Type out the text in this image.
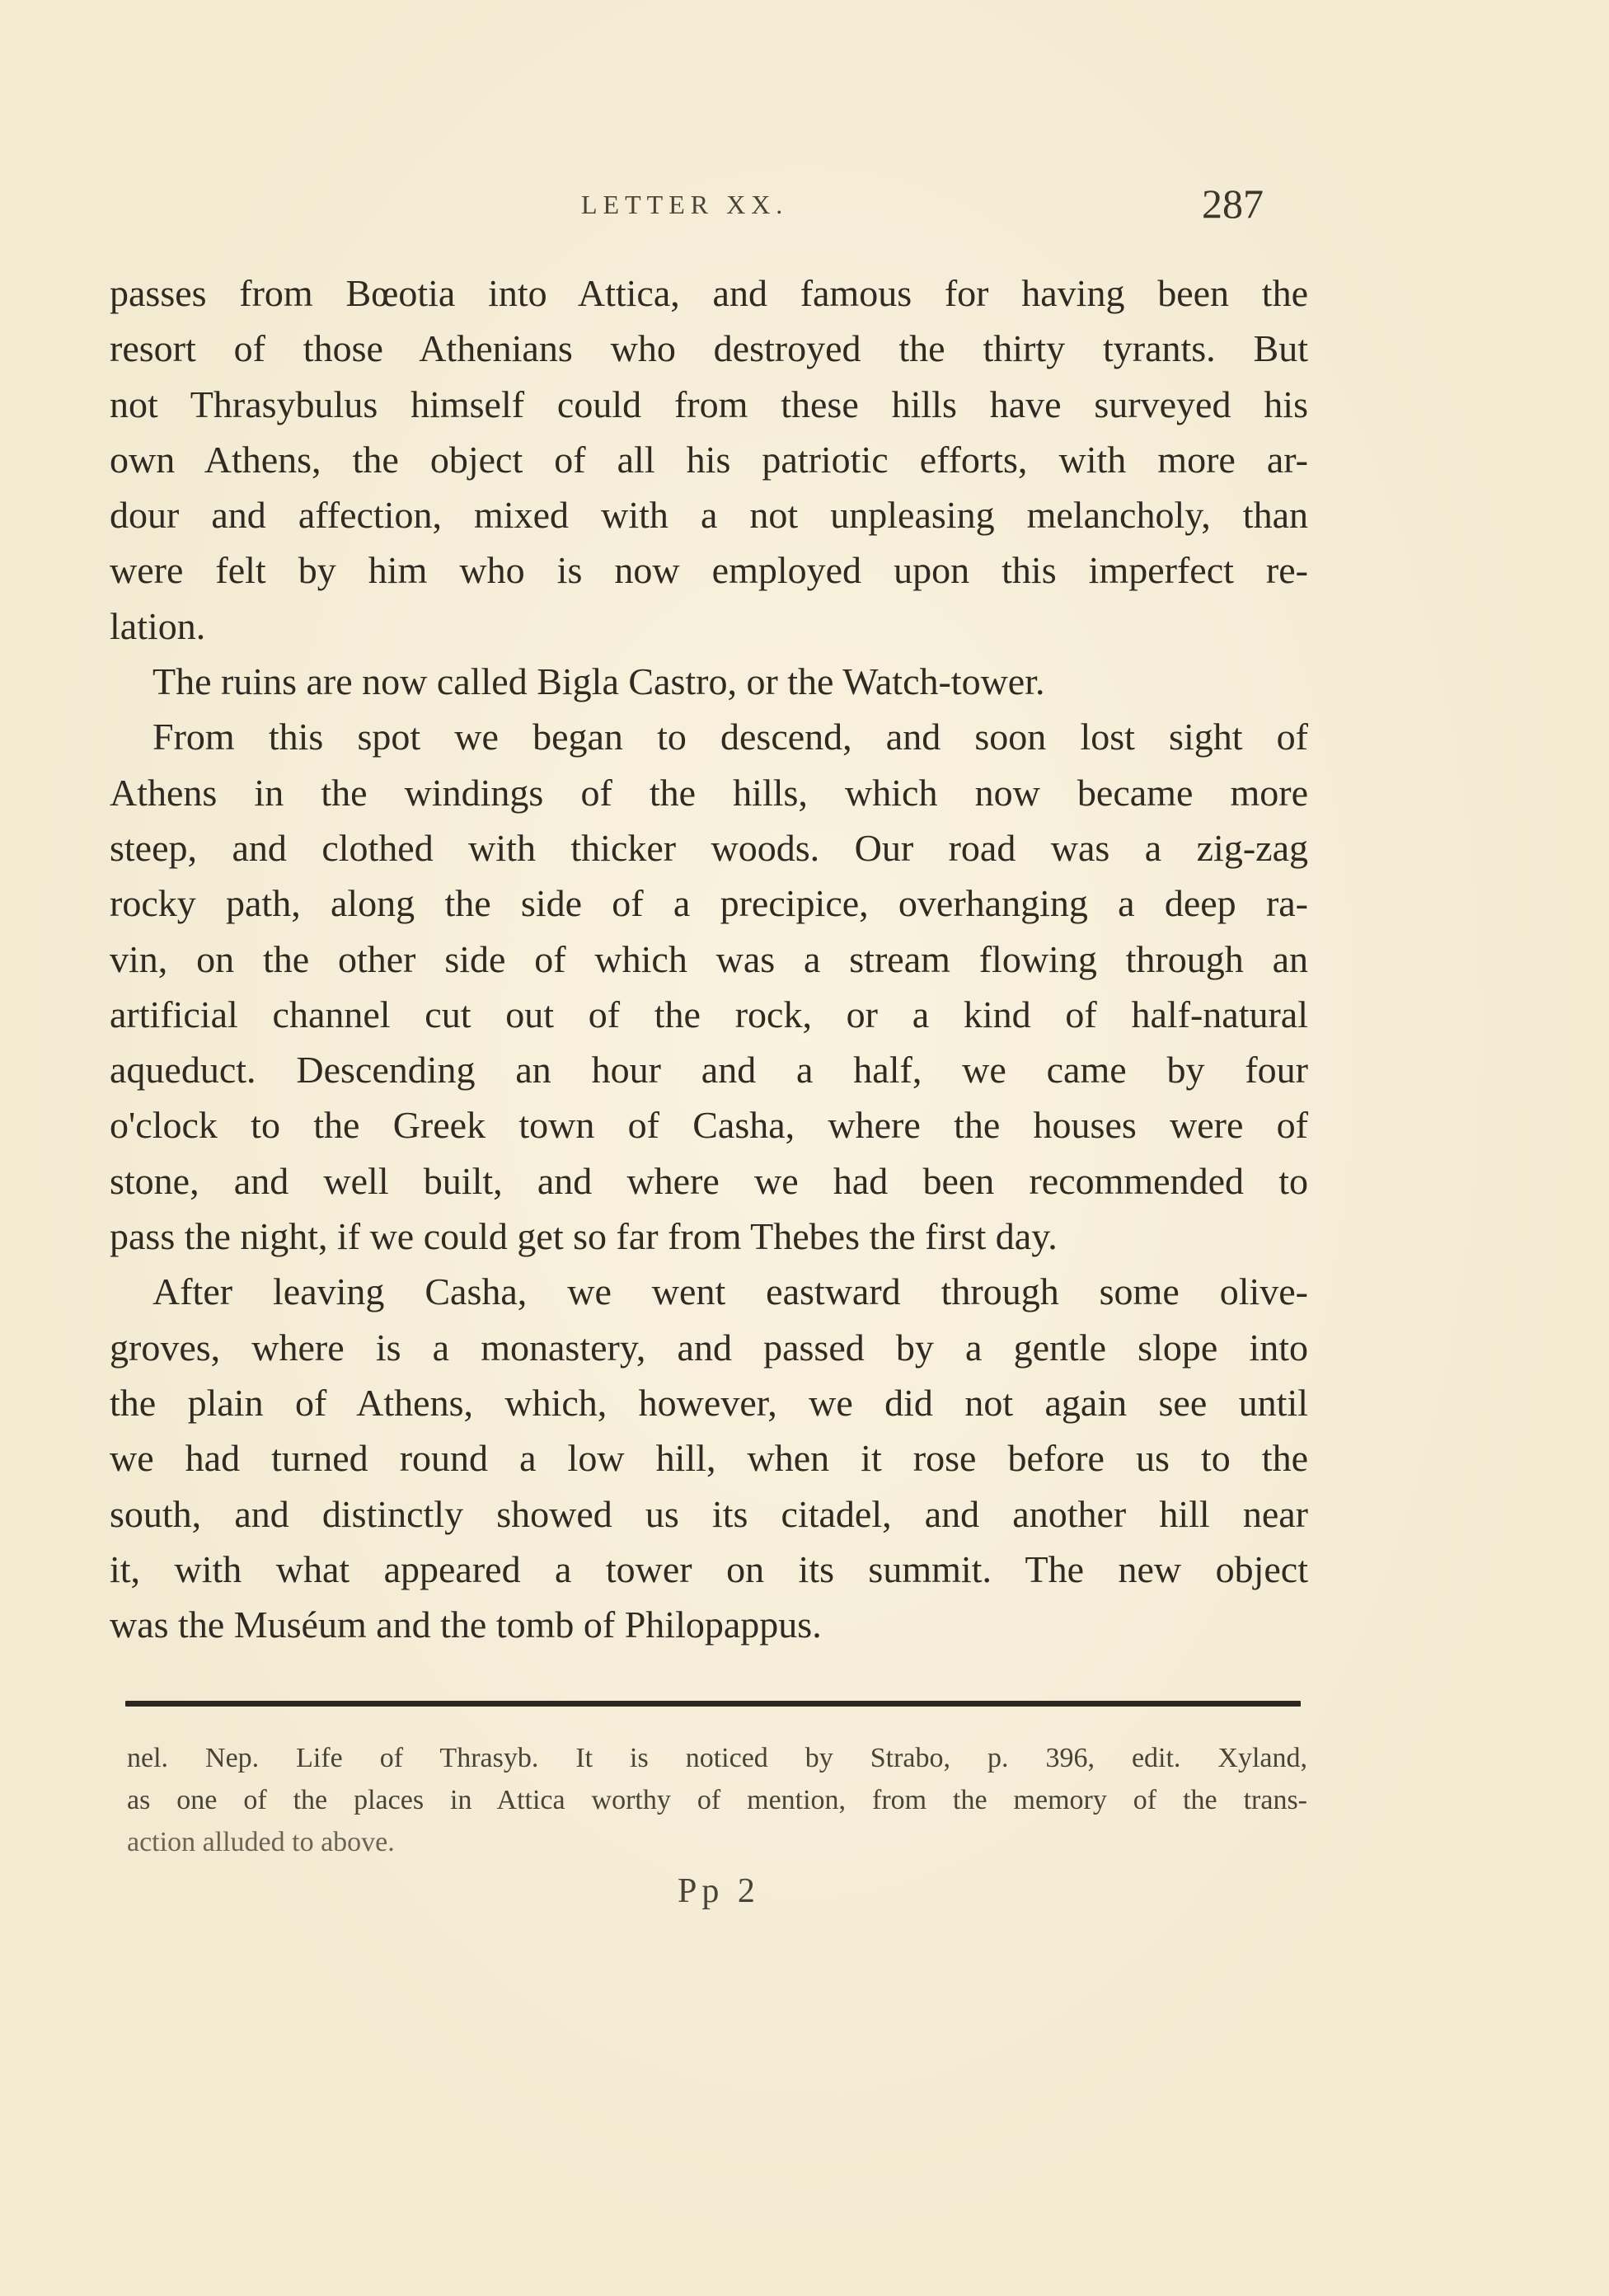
LETTER XX.	287
passes from Bœotia into Attica, and famous for having been the
resort of those Athenians who destroyed the thirty tyrants. But
not Thrasybulus himself could from these hills have surveyed his
own Athens, the object of all his patriotic efforts, with more ar-
dour and affection, mixed with a not unpleasing melancholy, than
were felt by him who is now employed upon this imperfect re-
lation.
The ruins are now called Bigla Castro, or the Watch-tower.
From this spot we began to descend, and soon lost sight of
Athens in the windings of the hills, which now became more
steep, and clothed with thicker woods. Our road was a zig-zag
rocky path, along the side of a precipice, overhanging a deep ra-
vin, on the other side of which was a stream flowing through an
artificial channel cut out of the rock, or a kind of half-natural
aqueduct. Descending an hour and a half, we came by four
o'clock to the Greek town of Casha, where the houses were of
stone, and well built, and where we had been recommended to
pass the night, if we could get so far from Thebes the first day.
After leaving Casha, we went eastward through some olive-
groves, where is a monastery, and passed by a gentle slope into
the plain of Athens, which, however, we did not again see until
we had turned round a low hill, when it rose before us to the
south, and distinctly showed us its citadel, and another hill near
it, with what appeared a tower on its summit. The new object
was the Muséum and the tomb of Philopappus.
nel. Nep. Life of Thrasyb. It is noticed by Strabo, p. 396, edit. Xyland,
as one of the places in Attica worthy of mention, from the memory of the trans-
action alluded to above.
Pp 2
